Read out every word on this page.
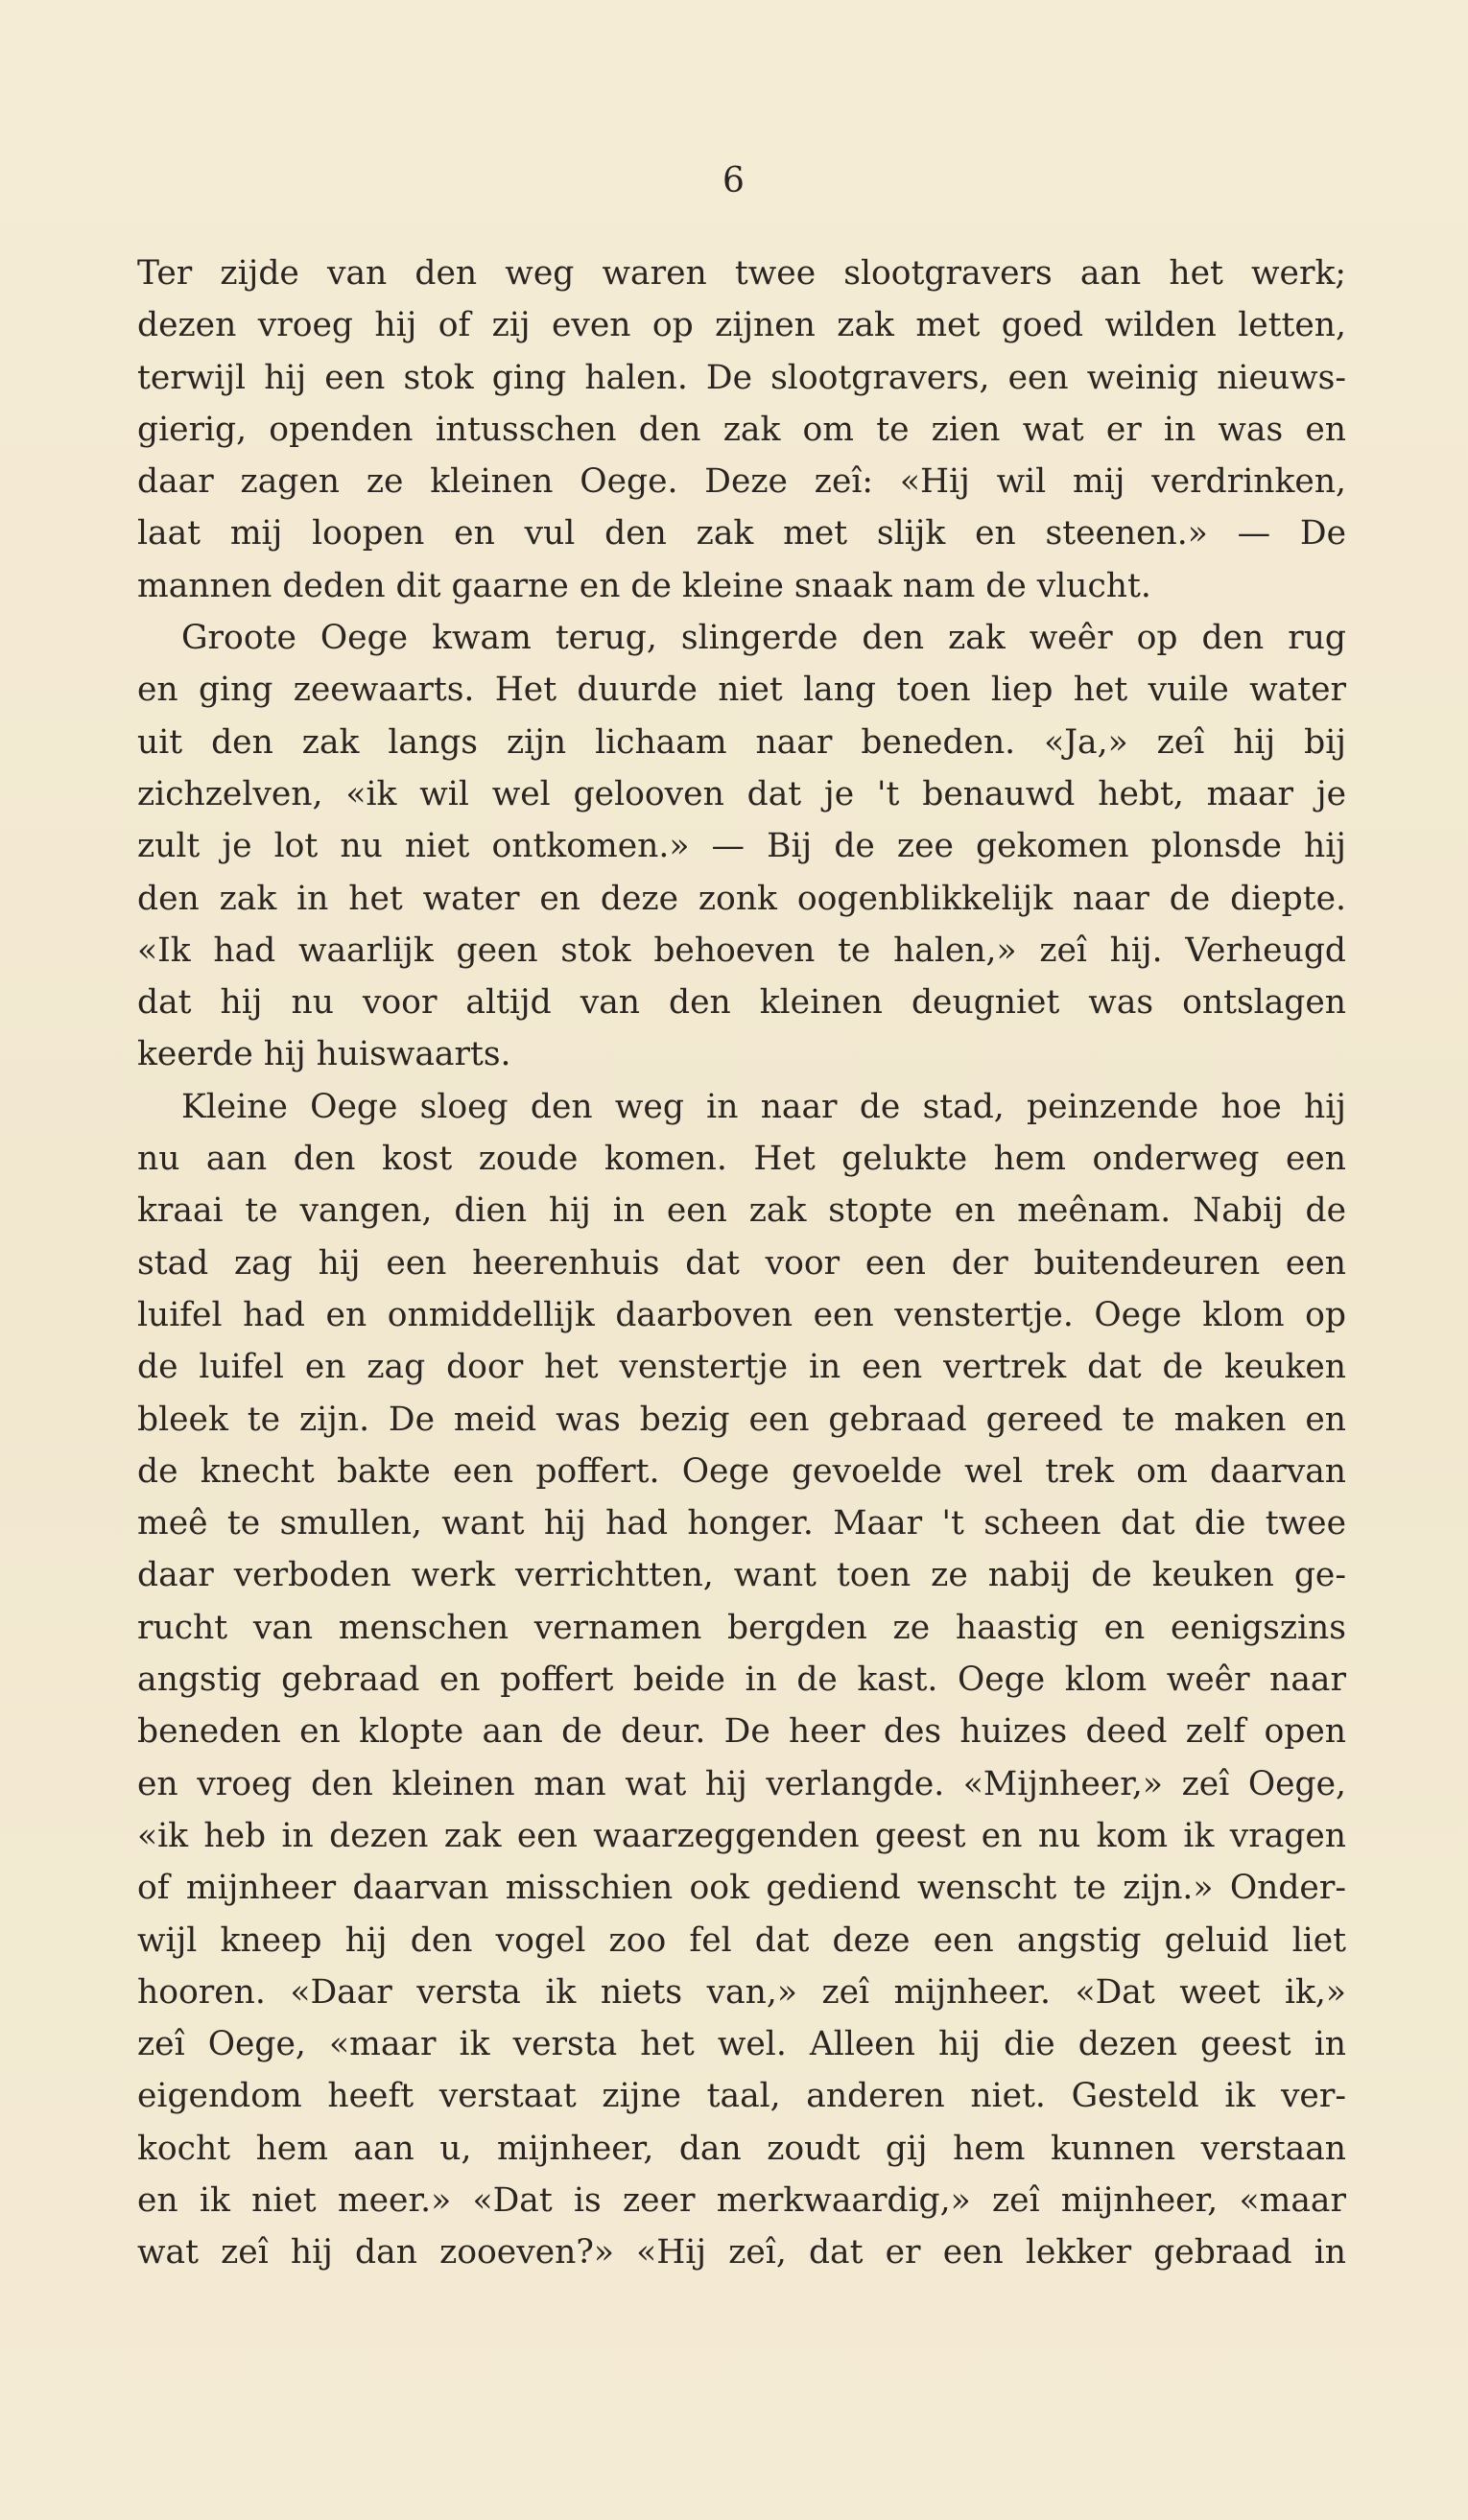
6
Ter zijde van den weg waren twee slootgravers aan het werk;
dezen vroeg hij of zij even op zijnen zak met goed wilden letten,
terwijl hij een stok ging halen. De slootgravers, een weinig nieuws-
gierig, openden intusschen den zak om te zien wat er in was en
daar zagen ze kleinen Oege. Deze zeî: «Hij wil mij verdrinken,
laat mij loopen en vul den zak met slijk en steenen.» — De
mannen deden dit gaarne en de kleine snaak nam de vlucht.
Groote Oege kwam terug, slingerde den zak weêr op den rug
en ging zeewaarts. Het duurde niet lang toen liep het vuile water
uit den zak langs zijn lichaam naar beneden. «Ja,» zeî hij bij
zichzelven, «ik wil wel gelooven dat je 't benauwd hebt, maar je
zult je lot nu niet ontkomen.» — Bij de zee gekomen plonsde hij
den zak in het water en deze zonk oogenblikkelijk naar de diepte.
«Ik had waarlijk geen stok behoeven te halen,» zeî hij. Verheugd
dat hij nu voor altijd van den kleinen deugniet was ontslagen
keerde hij huiswaarts.
Kleine Oege sloeg den weg in naar de stad, peinzende hoe hij
nu aan den kost zoude komen. Het gelukte hem onderweg een
kraai te vangen, dien hij in een zak stopte en meênam. Nabij de
stad zag hij een heerenhuis dat voor een der buitendeuren een
luifel had en onmiddellijk daarboven een venstertje. Oege klom op
de luifel en zag door het venstertje in een vertrek dat de keuken
bleek te zijn. De meid was bezig een gebraad gereed te maken en
de knecht bakte een poffert. Oege gevoelde wel trek om daarvan
meê te smullen, want hij had honger. Maar 't scheen dat die twee
daar verboden werk verrichtten, want toen ze nabij de keuken ge-
rucht van menschen vernamen bergden ze haastig en eenigszins
angstig gebraad en poffert beide in de kast. Oege klom weêr naar
beneden en klopte aan de deur. De heer des huizes deed zelf open
en vroeg den kleinen man wat hij verlangde. «Mijnheer,» zeî Oege,
«ik heb in dezen zak een waarzeggenden geest en nu kom ik vragen
of mijnheer daarvan misschien ook gediend wenscht te zijn.» Onder-
wijl kneep hij den vogel zoo fel dat deze een angstig geluid liet
hooren. «Daar versta ik niets van,» zeî mijnheer. «Dat weet ik,»
zeî Oege, «maar ik versta het wel. Alleen hij die dezen geest in
eigendom heeft verstaat zijne taal, anderen niet. Gesteld ik ver-
kocht hem aan u, mijnheer, dan zoudt gij hem kunnen verstaan
en ik niet meer.» «Dat is zeer merkwaardig,» zeî mijnheer, «maar
wat zeî hij dan zooeven?» «Hij zeî, dat er een lekker gebraad in
